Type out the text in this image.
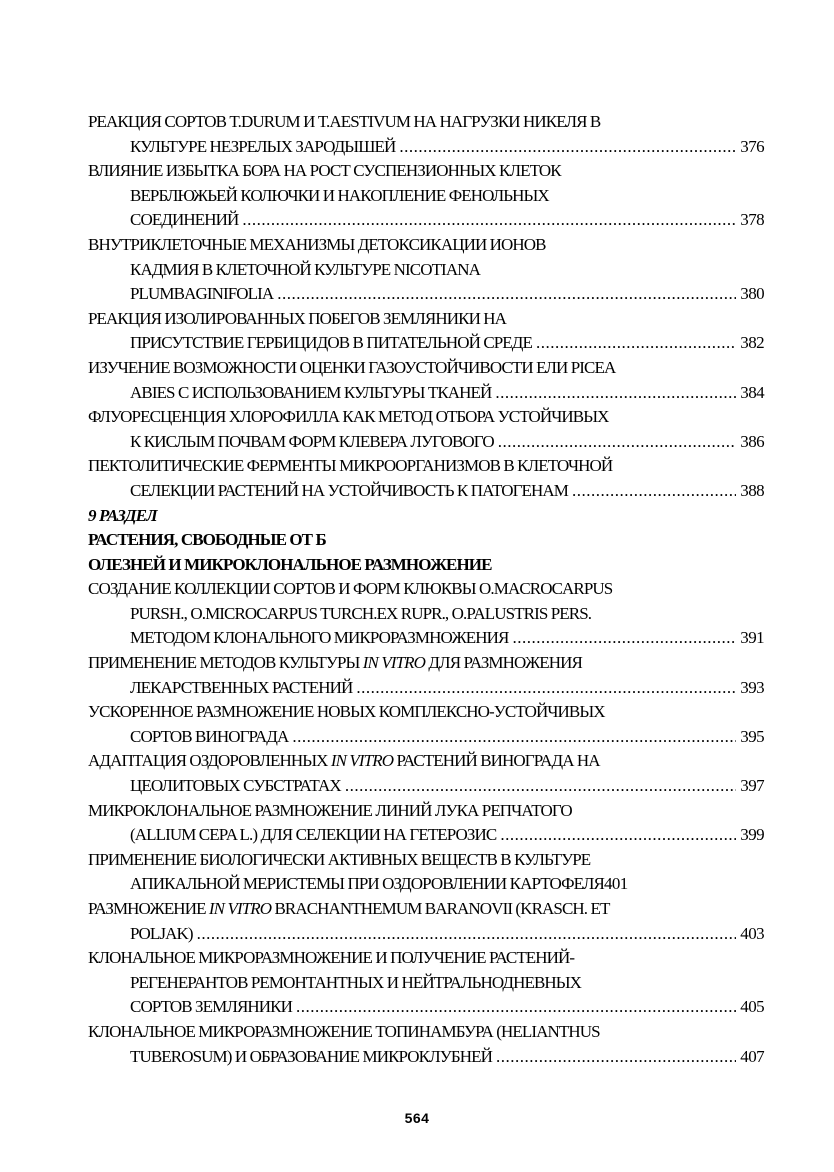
РЕАКЦИЯ СОРТОВ T.DURUM И T.AESTIVUM НА НАГРУЗКИ НИКЕЛЯ В
КУЛЬТУРЕ НЕЗРЕЛЫХ ЗАРОДЫШЕЙ .....	376
ВЛИЯНИЕ ИЗБЫТКА БОРА НА РОСТ СУСПЕНЗИОННЫХ КЛЕТОК
ВЕРБЛЮЖЬЕЙ КОЛЮЧКИ И НАКОПЛЕНИЕ ФЕНОЛЬНЫХ
СОЕДИНЕНИЙ .....	378
ВНУТРИКЛЕТОЧНЫЕ МЕХАНИЗМЫ ДЕТОКСИКАЦИИ ИОНОВ
КАДМИЯ В КЛЕТОЧНОЙ КУЛЬТУРЕ NICOTIANA
PLUMBAGINIFOLIA .....	380
РЕАКЦИЯ ИЗОЛИРОВАННЫХ ПОБЕГОВ ЗЕМЛЯНИКИ НА
ПРИСУТСТВИЕ ГЕРБИЦИДОВ В ПИТАТЕЛЬНОЙ СРЕДЕ .....	382
ИЗУЧЕНИЕ ВОЗМОЖНОСТИ ОЦЕНКИ ГАЗОУСТОЙЧИВОСТИ ЕЛИ PICEA
ABIES С ИСПОЛЬЗОВАНИЕМ КУЛЬТУРЫ ТКАНЕЙ .....	384
ФЛУОРЕСЦЕНЦИЯ ХЛОРОФИЛЛА КАК МЕТОД ОТБОРА УСТОЙЧИВЫХ
К КИСЛЫМ ПОЧВАМ ФОРМ КЛЕВЕРА ЛУГОВОГО .....	386
ПЕКТОЛИТИЧЕСКИЕ ФЕРМЕНТЫ МИКРООРГАНИЗМОВ В КЛЕТОЧНОЙ
СЕЛЕКЦИИ РАСТЕНИЙ НА УСТОЙЧИВОСТЬ К ПАТОГЕНАМ .....	388
9 РАЗДЕЛ
РАСТЕНИЯ, СВОБОДНЫЕ ОТ Б
ОЛЕЗНЕЙ И МИКРОКЛОНАЛЬНОЕ РАЗМНОЖЕНИЕ
СОЗДАНИЕ КОЛЛЕКЦИИ СОРТОВ И ФОРМ КЛЮКВЫ O.MACROCARPUS
PURSH., O.MICROCARPUS TURCH.EX RUPR., O.PALUSTRIS PERS.
МЕТОДОМ КЛОНАЛЬНОГО МИКРОРАЗМНОЖЕНИЯ .....	391
ПРИМЕНЕНИЕ МЕТОДОВ КУЛЬТУРЫ IN VITRO ДЛЯ РАЗМНОЖЕНИЯ
ЛЕКАРСТВЕННЫХ РАСТЕНИЙ .....	393
УСКОРЕННОЕ РАЗМНОЖЕНИЕ НОВЫХ КОМПЛЕКСНО-УСТОЙЧИВЫХ
СОРТОВ ВИНОГРАДА .....	395
АДАПТАЦИЯ ОЗДОРОВЛЕННЫХ IN VITRO РАСТЕНИЙ ВИНОГРАДА НА
ЦЕОЛИТОВЫХ СУБСТРАТАХ .....	397
МИКРОКЛОНАЛЬНОЕ РАЗМНОЖЕНИЕ ЛИНИЙ ЛУКА РЕПЧАТОГО
(ALLIUM CEPA L.) ДЛЯ СЕЛЕКЦИИ НА ГЕТЕРОЗИС .....	399
ПРИМЕНЕНИЕ БИОЛОГИЧЕСКИ АКТИВНЫХ ВЕЩЕСТВ В КУЛЬТУРЕ
АПИКАЛЬНОЙ МЕРИСТЕМЫ ПРИ ОЗДОРОВЛЕНИИ КАРТОФЕЛЯ 401
РАЗМНОЖЕНИЕ IN VITRO BRACHANTHEMUM BARANOVII (KRASCH. ET
POLJAK) .....	403
КЛОНАЛЬНОЕ МИКРОРАЗМНОЖЕНИЕ И ПОЛУЧЕНИЕ РАСТЕНИЙ-
РЕГЕНЕРАНТОВ РЕМОНТАНТНЫХ И НЕЙТРАЛЬНОДНЕВНЫХ
СОРТОВ ЗЕМЛЯНИКИ .....	405
КЛОНАЛЬНОЕ МИКРОРАЗМНОЖЕНИЕ ТОПИНАМБУРА (HELIANTHUS
TUBEROSUM) И ОБРАЗОВАНИЕ МИКРОКЛУБНЕЙ .....	407
564
